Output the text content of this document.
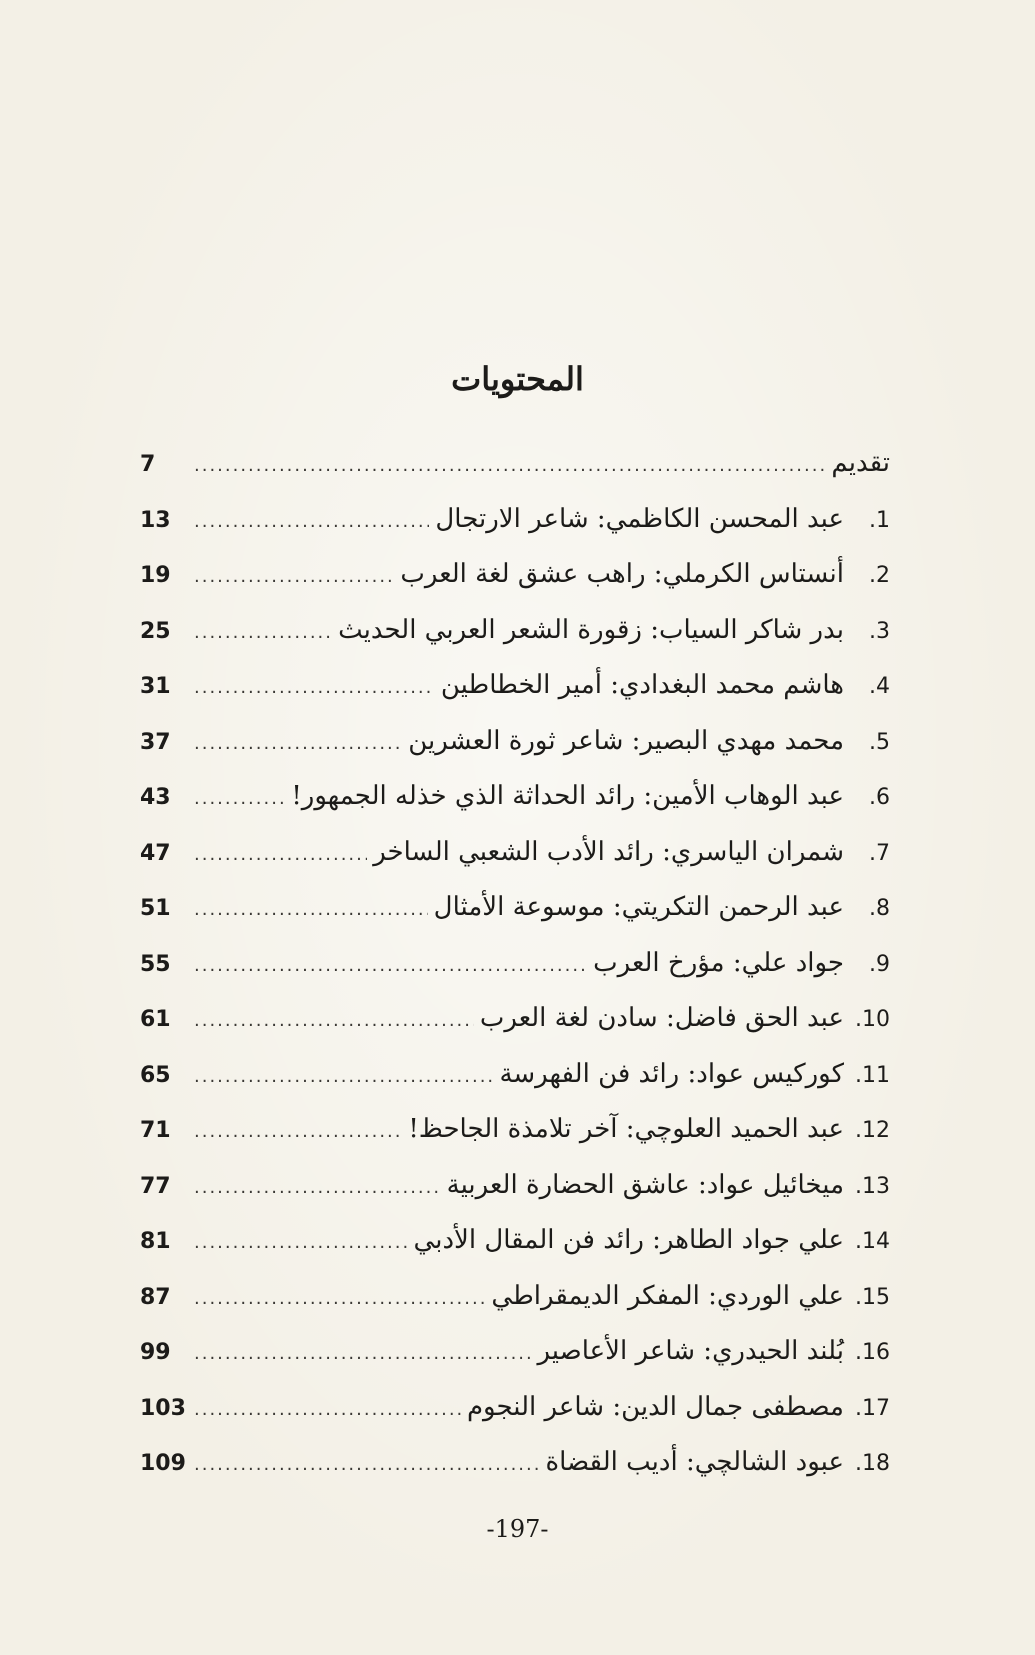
المحتويات
تقديم
.....
7
1.
عبد المحسن الكاظمي: شاعر الارتجال
.....
13
2.
أنستاس الكرملي: راهب عشق لغة العرب
.....
19
3.
بدر شاكر السياب: زقورة الشعر العربي الحديث
.....
25
4.
هاشم محمد البغدادي: أمير الخطاطين
.....
31
5.
محمد مهدي البصير: شاعر ثورة العشرين
.....
37
6.
عبد الوهاب الأمين: رائد الحداثة الذي خذله الجمهور!
.....
43
7.
شمران الياسري: رائد الأدب الشعبي الساخر
.....
47
8.
عبد الرحمن التكريتي: موسوعة الأمثال
.....
51
9.
جواد علي: مؤرخ العرب
.....
55
10.
عبد الحق فاضل: سادن لغة العرب
.....
61
11.
كوركيس عواد: رائد فن الفهرسة
.....
65
12.
عبد الحميد العلوچي: آخر تلامذة الجاحظ!
.....
71
13.
ميخائيل عواد: عاشق الحضارة العربية
.....
77
14.
علي جواد الطاهر: رائد فن المقال الأدبي
.....
81
15.
علي الوردي: المفكر الديمقراطي
.....
87
16.
بُلند الحيدري: شاعر الأعاصير
.....
99
17.
مصطفى جمال الدين: شاعر النجوم
.....
103
18.
عبود الشالچي: أديب القضاة
.....
109
-197-
